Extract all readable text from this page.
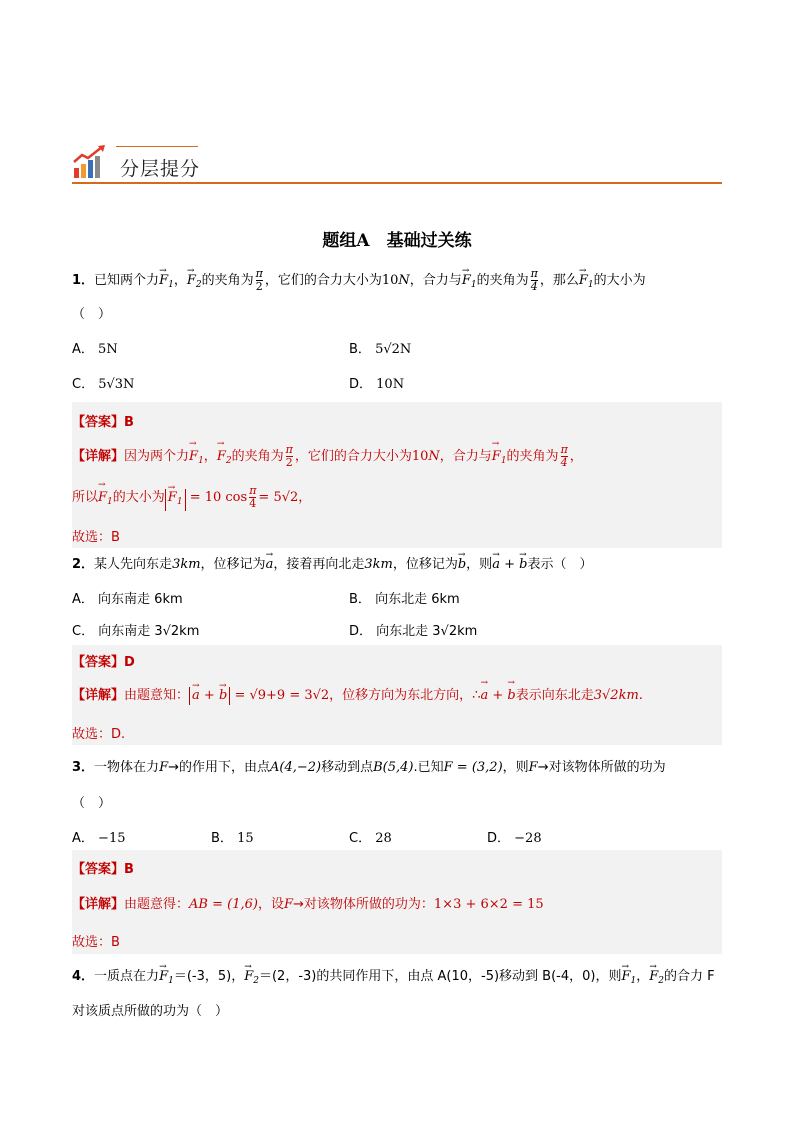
分层提分
题组A　基础过关练
1．已知两个力→ $F_1$，→ $F_2$的夹角为 $\frac{\pi}{2}$ ，它们的合力大小为10N，合力与→ $F_1$的夹角为 $\frac{\pi}{4}$ ，那么→ $F_1$的大小为
（　）
A． 5N	B． 5√2N
C． 5√3N	D． 10N
【答案】B
【详解】因为两个力→ $F_1$，→ $F_2$的夹角为 $\frac{\pi}{2}$ ，它们的合力大小为10N，合力与→ $F_1$的夹角为 $\frac{\pi}{4}$ ，
所以→ $F_1$的大小为 → $F_1 = 10$ $\cos \frac{\pi}{4} = 5√2$，
故选：B
2．某人先向东走3km，位移记为→ a，接着再向北走3km，位移记为→ b，则→ a + → b表示（　）
A． 向东南走 6km	B． 向东北走 6km
C． 向东南走 3√2km	D． 向东北走 3√2km
【答案】D
【详解】由题意知： → a + → b = √9+9 = 3√2，位移方向为东北方向，∴→ a + → b表示向东北走3√2km.
故选：D.
3．一物体在力F→的作用下，由点A(4,−2)移动到点B(5,4).已知F = (3,2)，则F→对该物体所做的功为
（　）
A． −15	B． 15	C． 28	D． −28
【答案】B
【详解】由题意得：AB = (1,6)，设F→对该物体所做的功为：1×3 + 6×2 = 15
故选：B
4．一质点在力→ $F_1=(-3$，5)，→ $F_2=(2$，-3)的共同作用下，由点 A(10，-5)移动到 B(-4，0)，则→ $F_1$，→ $F_2$的合力 F
对该质点所做的功为（　）
